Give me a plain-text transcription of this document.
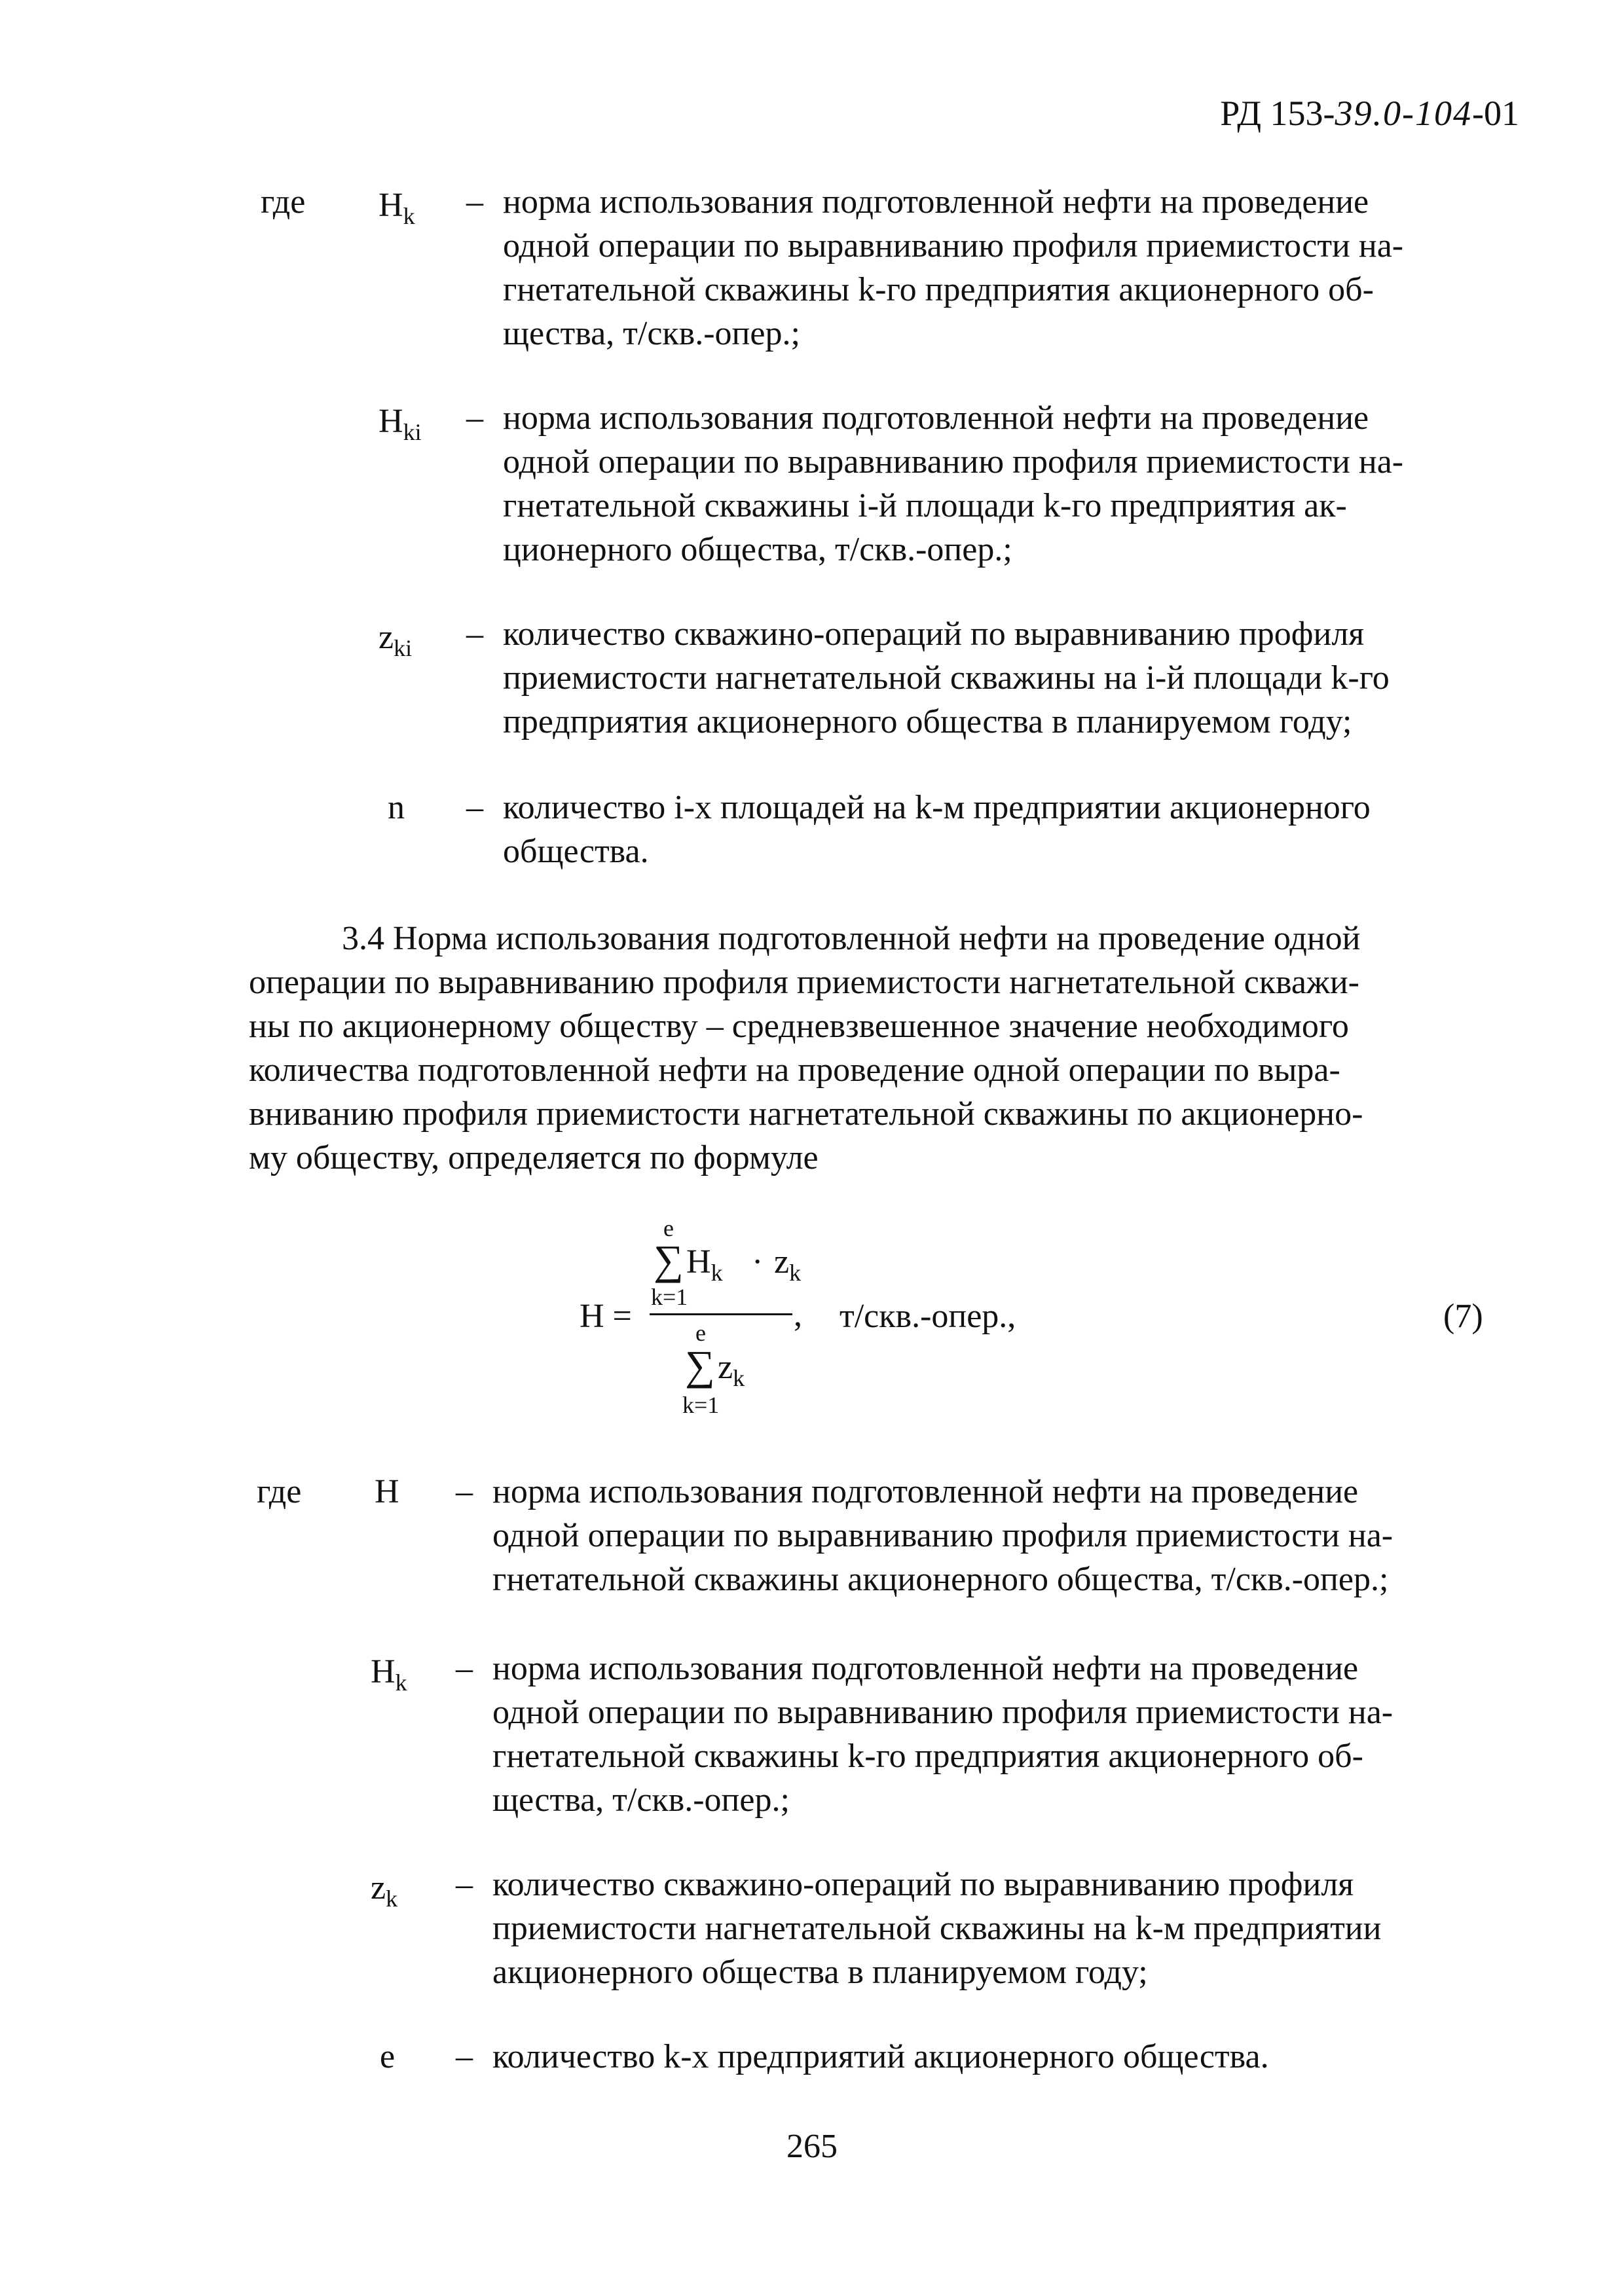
РД 153-39.0-104-01
где $Н_k$ – норма использования подготовленной нефти на проведение
одной операции по выравниванию профиля приемистости на-
гнетательной скважины k-го предприятия акционерного об-
щества, т/скв.-опер.;
$Н_{ki}$ – норма использования подготовленной нефти на проведение
одной операции по выравниванию профиля приемистости на-
гнетательной скважины i-й площади k-го предприятия ак-
ционерного общества, т/скв.-опер.;
$z_{ki}$ – количество скважино-операций по выравниванию профиля
приемистости нагнетательной скважины на i-й площади k-го
предприятия акционерного общества в планируемом году;
n – количество i-х площадей на k-м предприятии акционерного
общества.
3.4 Норма использования подготовленной нефти на проведение одной
операции по выравниванию профиля приемистости нагнетательной скважи-
ны по акционерному обществу – средневзвешенное значение необходимого
количества подготовленной нефти на проведение одной операции по выра-
вниванию профиля приемистости нагнетательной скважины по акционерно-
му обществу, определяется по формуле
Н =
e
∑ $Н_k \cdot z_k$
k=1	,
e
∑ $z_k$
k=1
т/скв.-опер.,	(7)
где Н – норма использования подготовленной нефти на проведение
одной операции по выравниванию профиля приемистости на-
гнетательной скважины акционерного общества, т/скв.-опер.;
$Н_k$ – норма использования подготовленной нефти на проведение
одной операции по выравниванию профиля приемистости на-
гнетательной скважины k-го предприятия акционерного об-
щества, т/скв.-опер.;
$z_k$ – количество скважино-операций по выравниванию профиля
приемистости нагнетательной скважины на k-м предприятии
акционерного общества в планируемом году;
e – количество k-х предприятий акционерного общества.
265
